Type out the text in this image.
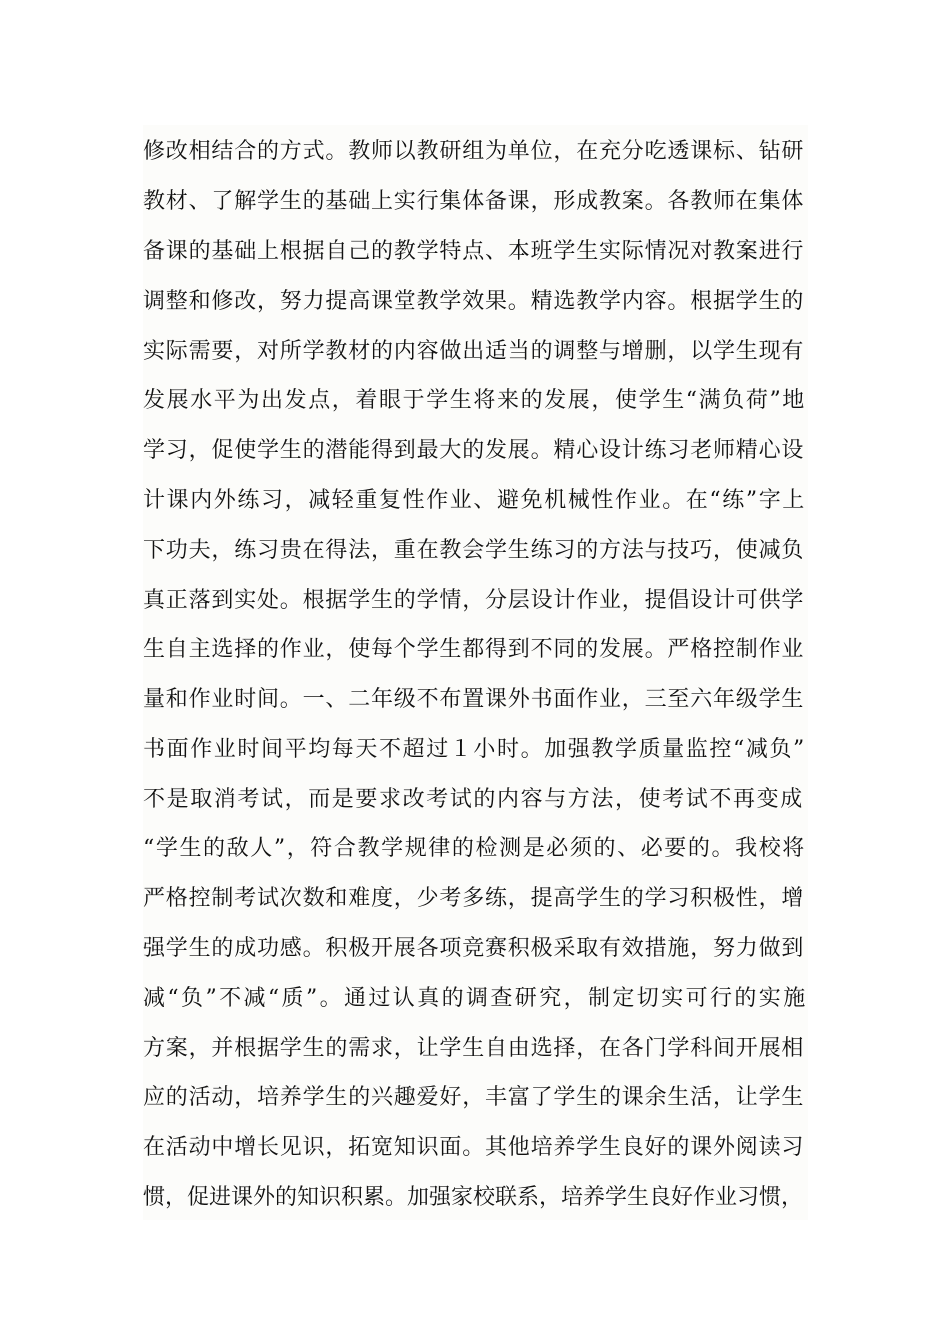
修改相结合的方式。教师以教研组为单位，在充分吃透课标、钻研
教材、了解学生的基础上实行集体备课，形成教案。各教师在集体
备课的基础上根据自己的教学特点、本班学生实际情况对教案进行
调整和修改，努力提高课堂教学效果。精选教学内容。根据学生的
实际需要，对所学教材的内容做出适当的调整与增删，以学生现有
发展水平为出发点，着眼于学生将来的发展，使学生“满负荷”地
学习，促使学生的潜能得到最大的发展。精心设计练习老师精心设
计课内外练习，减轻重复性作业、避免机械性作业。在“练”字上
下功夫，练习贵在得法，重在教会学生练习的方法与技巧，使减负
真正落到实处。根据学生的学情，分层设计作业，提倡设计可供学
生自主选择的作业，使每个学生都得到不同的发展。严格控制作业
量和作业时间。一、二年级不布置课外书面作业，三至六年级学生
书面作业时间平均每天不超过１小时。加强教学质量监控“减负”
不是取消考试，而是要求改考试的内容与方法，使考试不再变成
“学生的敌人”，符合教学规律的检测是必须的、必要的。我校将
严格控制考试次数和难度，少考多练，提高学生的学习积极性，增
强学生的成功感。积极开展各项竞赛积极采取有效措施，努力做到
减“负”不减“质”。通过认真的调查研究，制定切实可行的实施
方案，并根据学生的需求，让学生自由选择，在各门学科间开展相
应的活动，培养学生的兴趣爱好，丰富了学生的课余生活，让学生
在活动中增长见识，拓宽知识面。其他培养学生良好的课外阅读习
惯，促进课外的知识积累。加强家校联系，培养学生良好作业习惯，
